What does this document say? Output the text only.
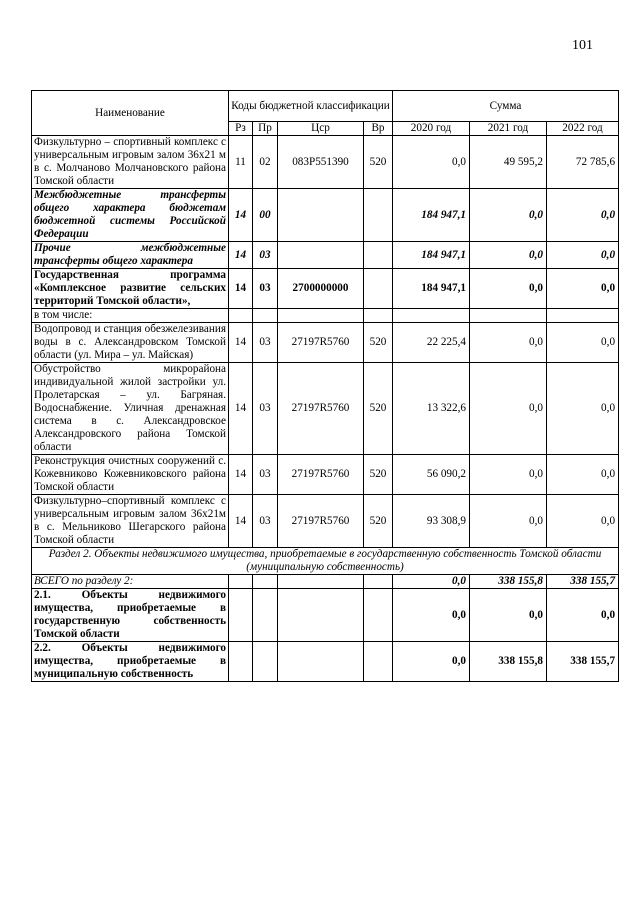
101
Наименование	Коды бюджетной классификации				Сумма		
	Рз	Пр	Цср	Вр	2020 год	2021 год	2022 год
Физкультурно – спортивный комплекс с универсальным игровым залом 36х21 м в с. Молчаново Молчановского района Томской области	11	02	083P551390	520	0,0	49 595,2	72 785,6
Межбюджетные трансферты общего характера бюджетам бюджетной системы Российской Федерации	14	00			184 947,1	0,0	0,0
Прочие межбюджетные трансферты общего характера	14	03			184 947,1	0,0	0,0
Государственная программа «Комплексное развитие сельских территорий Томской области»,	14	03	2700000000		184 947,1	0,0	0,0
в том числе:							
Водопровод и станция обезжелезивания воды в с. Александровском Томской области (ул. Мира – ул. Майская)	14	03	27197R5760	520	22 225,4	0,0	0,0
Обустройство микрорайона индивидуальной жилой застройки ул. Пролетарская – ул. Багряная. Водоснабжение. Уличная дренажная система в с. Александровское Александровского района Томской области	14	03	27197R5760	520	13 322,6	0,0	0,0
Реконструкция очистных сооружений с. Кожевниково Кожевниковского района Томской области	14	03	27197R5760	520	56 090,2	0,0	0,0
Физкультурно–спортивный комплекс с универсальным игровым залом 36х21м в с. Мельниково Шегарского района Томской области	14	03	27197R5760	520	93 308,9	0,0	0,0
Раздел 2. Объекты недвижимого имущества, приобретаемые в государственную собственность Томской области (муниципальную собственность)							
ВСЕГО по разделу 2:					0,0	338 155,8	338 155,7
2.1. Объекты недвижимого имущества, приобретаемые в государственную собственность Томской области					0,0	0,0	0,0
2.2. Объекты недвижимого имущества, приобретаемые в муниципальную собственность					0,0	338 155,8	338 155,7
